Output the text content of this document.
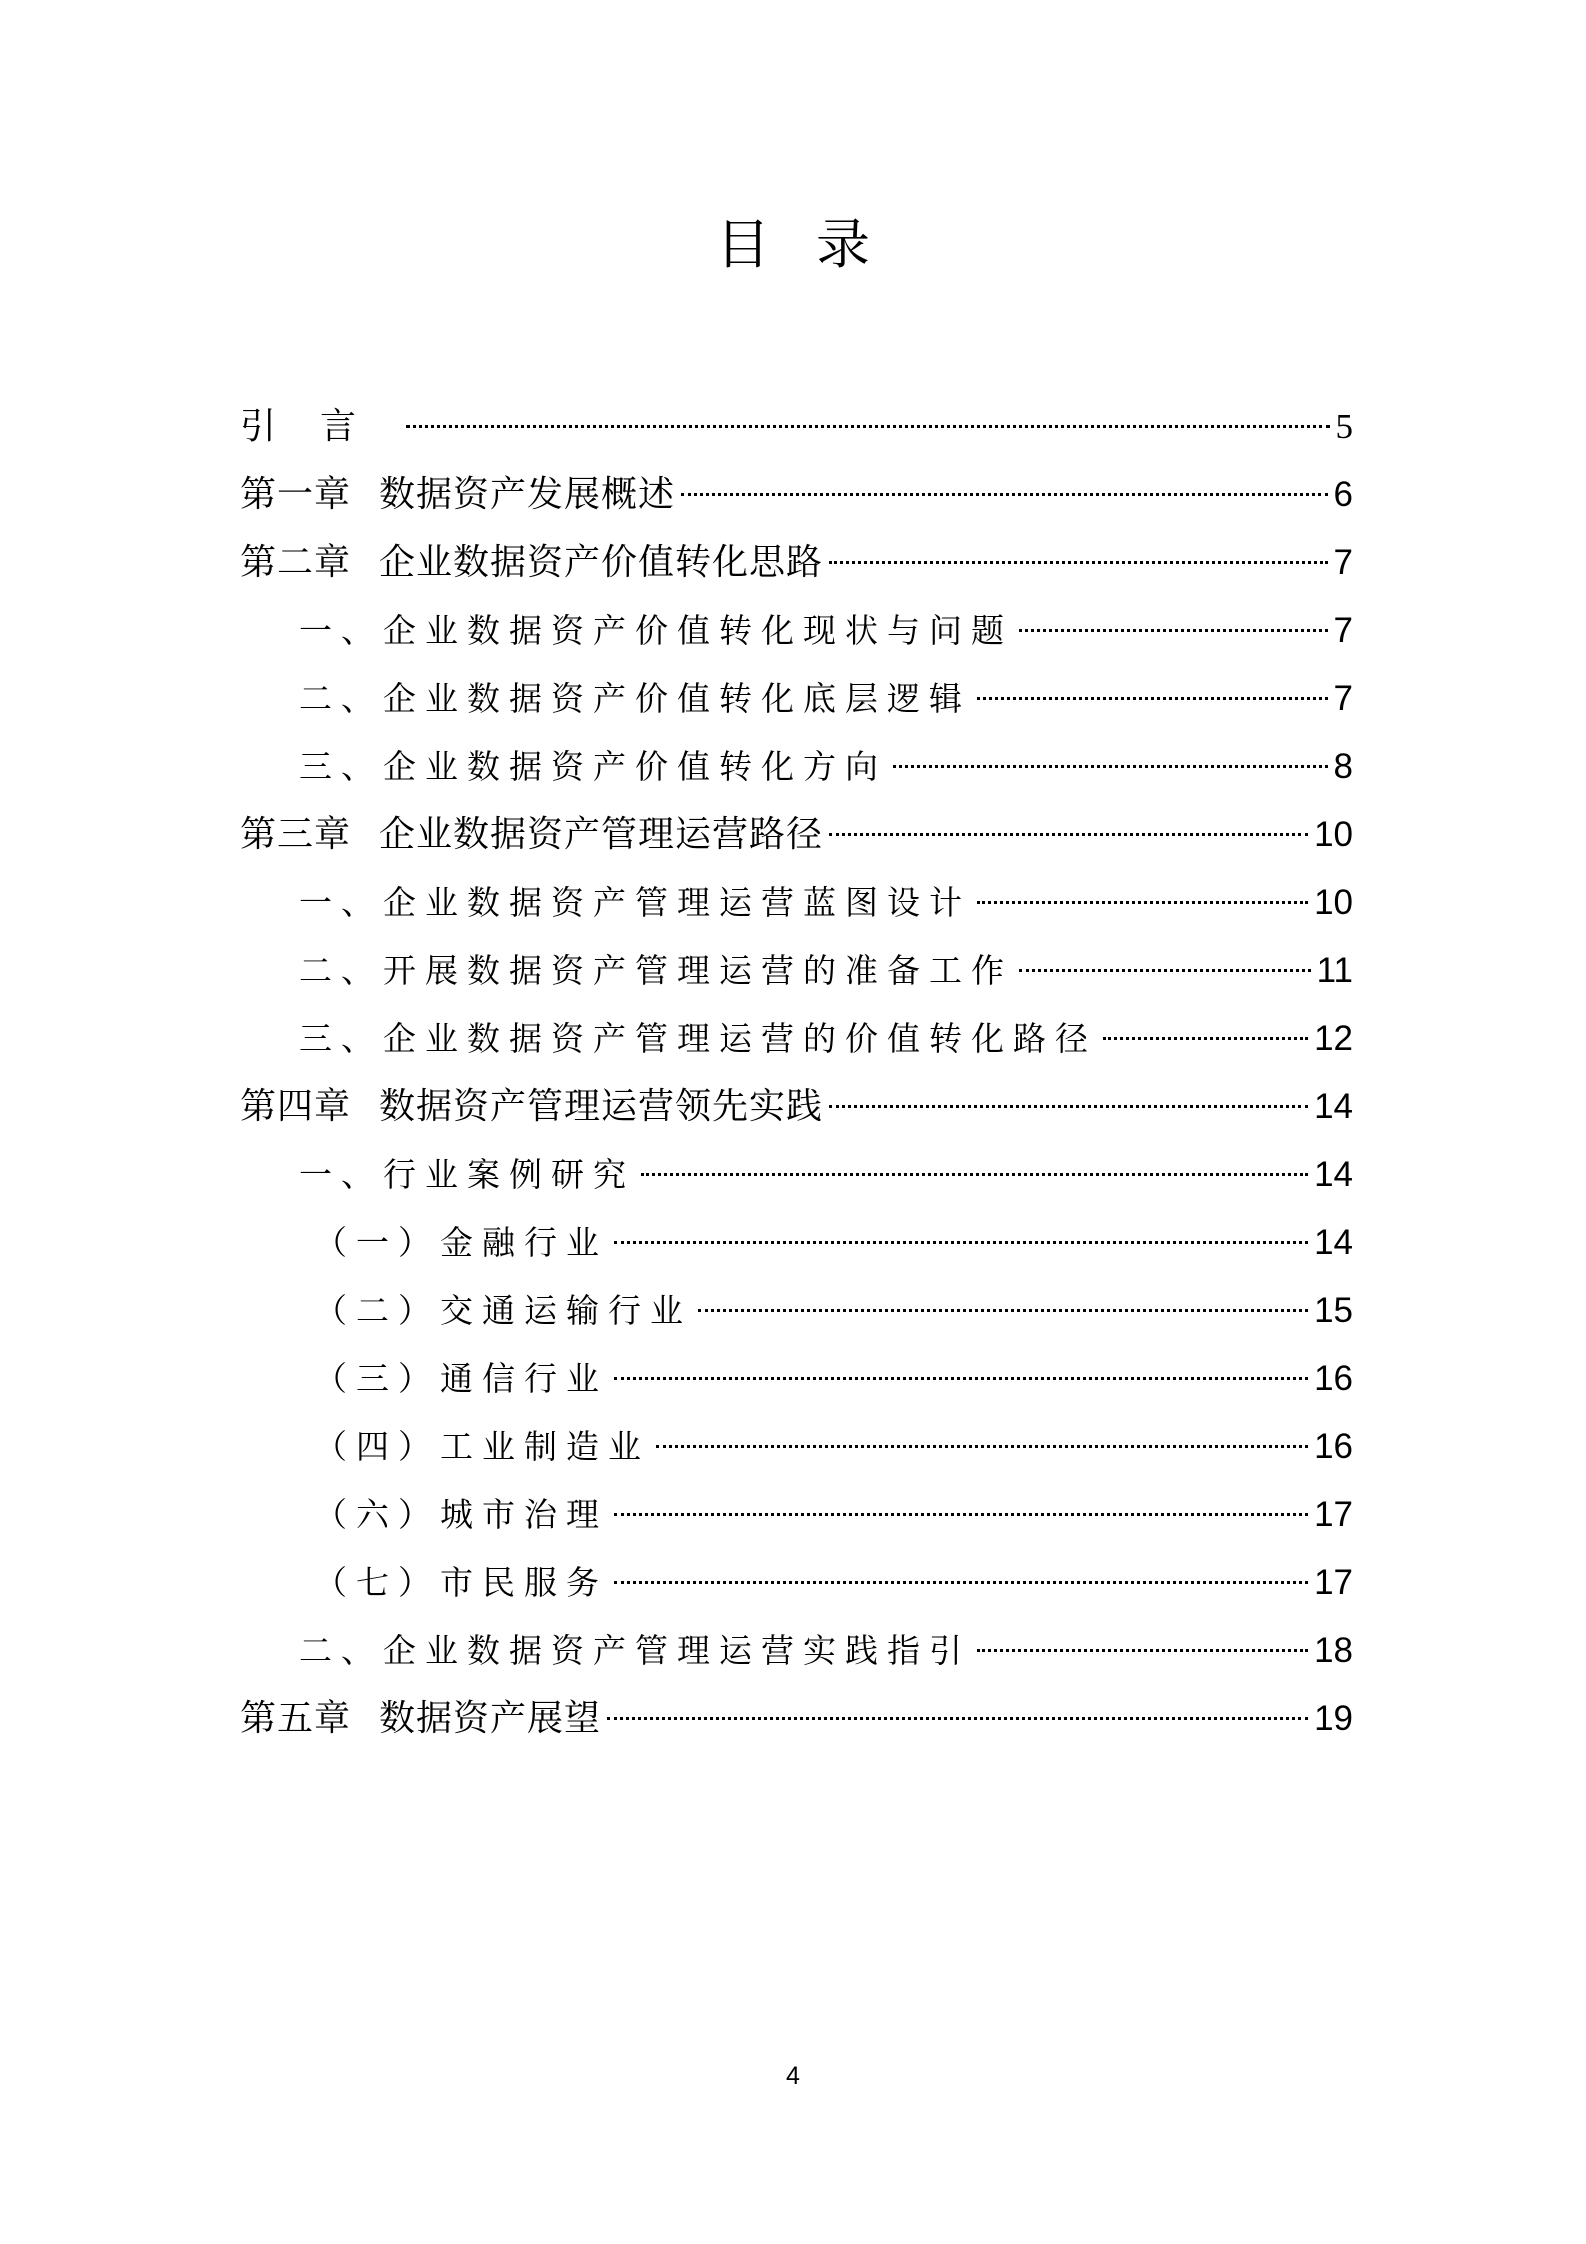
目录
引言	5
第一章 数据资产发展概述	6
第二章 企业数据资产价值转化思路	7
一、企业数据资产价值转化现状与问题	7
二、企业数据资产价值转化底层逻辑	7
三、企业数据资产价值转化方向	8
第三章 企业数据资产管理运营路径	10
一、企业数据资产管理运营蓝图设计	10
二、开展数据资产管理运营的准备工作	11
三、企业数据资产管理运营的价值转化路径	12
第四章 数据资产管理运营领先实践	14
一、行业案例研究	14
（一）金融行业	14
（二）交通运输行业	15
（三）通信行业	16
（四）工业制造业	16
（六）城市治理	17
（七）市民服务	17
二、企业数据资产管理运营实践指引	18
第五章 数据资产展望	19
4
